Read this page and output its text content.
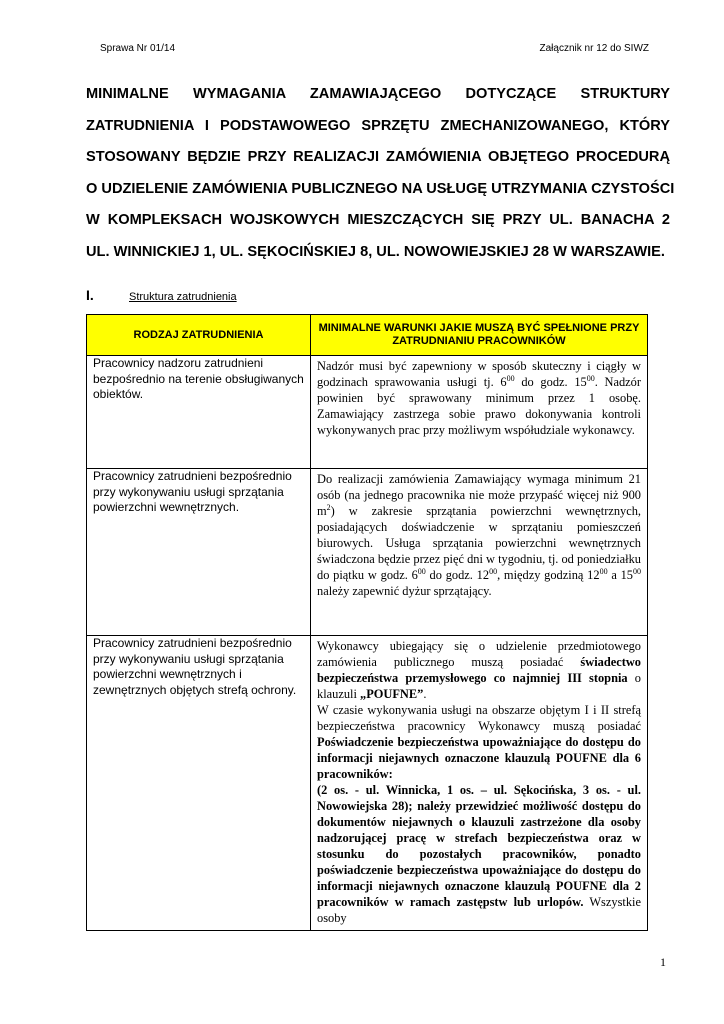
Sprawa Nr 01/14	Załącznik nr 12 do SIWZ
MINIMALNE WYMAGANIA ZAMAWIAJĄCEGO DOTYCZĄCE STRUKTURY
ZATRUDNIENIA I PODSTAWOWEGO SPRZĘTU ZMECHANIZOWANEGO, KTÓRY
STOSOWANY BĘDZIE PRZY REALIZACJI ZAMÓWIENIA OBJĘTEGO PROCEDURĄ
O UDZIELENIE ZAMÓWIENIA PUBLICZNEGO NA USŁUGĘ UTRZYMANIA CZYSTOŚCI
W KOMPLEKSACH WOJSKOWYCH MIESZCZĄCYCH SIĘ PRZY UL. BANACHA 2
UL. WINNICKIEJ 1, UL. SĘKOCIŃSKIEJ 8, UL. NOWOWIEJSKIEJ 28 W WARSZAWIE.
I.	Struktura zatrudnienia
RODZAJ ZATRUDNIENIA	MINIMALNE WARUNKI JAKIE MUSZĄ BYĆ SPEŁNIONE PRZY ZATRUDNIANIU PRACOWNIKÓW
Pracownicy nadzoru zatrudnieni bezpośrednio na terenie obsługiwanych obiektów.	Nadzór musi być zapewniony w sposób skuteczny i ciągły w godzinach sprawowania usługi tj. $6^{00}$ do godz. $15^{00}$. Nadzór powinien być sprawowany minimum przez 1 osobę. Zamawiający zastrzega sobie prawo dokonywania kontroli wykonywanych prac przy możliwym współudziale wykonawcy.
Pracownicy zatrudnieni bezpośrednio przy wykonywaniu usługi sprzątania powierzchni wewnętrznych.	Do realizacji zamówienia Zamawiający wymaga minimum 21 osób (na jednego pracownika nie może przypaść więcej niż 900 $m^2$) w zakresie sprzątania powierzchni wewnętrznych, posiadających doświadczenie w sprzątaniu pomieszczeń biurowych. Usługa sprzątania powierzchni wewnętrznych świadczona będzie przez pięć dni w tygodniu, tj. od poniedziałku do piątku w godz. $6^{00}$ do godz. $12^{00}$, między godziną $12^{00}$ a $15^{00}$ należy zapewnić dyżur sprzątający.
Pracownicy zatrudnieni bezpośrednio przy wykonywaniu usługi sprzątania powierzchni wewnętrznych i zewnętrznych objętych strefą ochrony.	Wykonawcy ubiegający się o udzielenie przedmiotowego zamówienia publicznego muszą posiadać świadectwo bezpieczeństwa przemysłowego co najmniej III stopnia o klauzuli „POUFNE”.
W czasie wykonywania usługi na obszarze objętym I i II strefą bezpieczeństwa pracownicy Wykonawcy muszą posiadać Poświadczenie bezpieczeństwa upoważniające do dostępu do informacji niejawnych oznaczone klauzulą POUFNE dla 6 pracowników:
(2 os. - ul. Winnicka, 1 os. – ul. Sękocińska, 3 os. - ul. Nowowiejska 28); należy przewidzieć możliwość dostępu do dokumentów niejawnych o klauzuli zastrzeżone dla osoby nadzorującej pracę w strefach bezpieczeństwa oraz w stosunku do pozostałych pracowników, ponadto poświadczenie bezpieczeństwa upoważniające do dostępu do informacji niejawnych oznaczone klauzulą POUFNE dla 2 pracowników w ramach zastępstw lub urlopów. Wszystkie osoby
1
